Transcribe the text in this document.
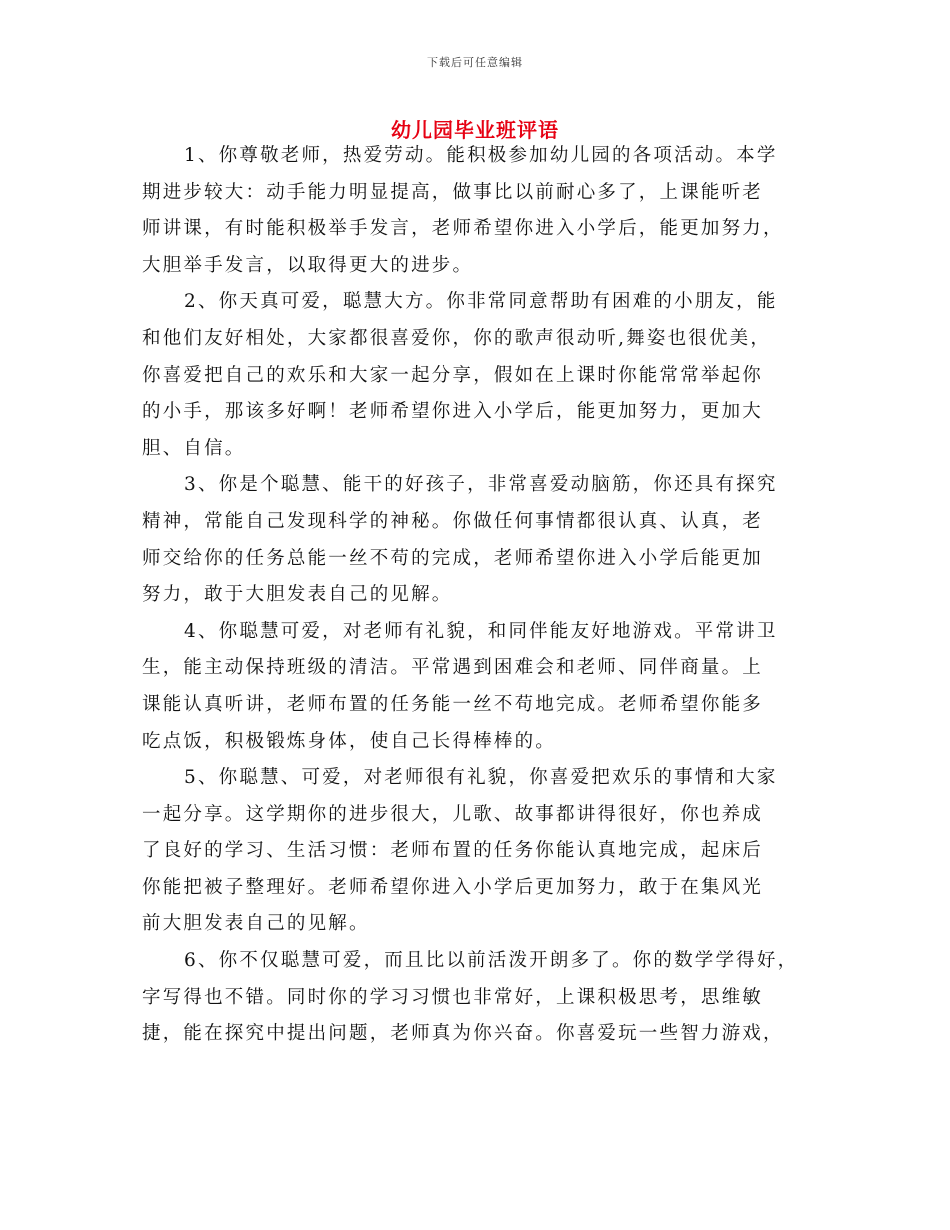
下载后可任意编辑
幼儿园毕业班评语
1、你尊敬老师，热爱劳动。能积极参加幼儿园的各项活动。本学
期进步较大：动手能力明显提高，做事比以前耐心多了，上课能听老
师讲课，有时能积极举手发言，老师希望你进入小学后，能更加努力，
大胆举手发言，以取得更大的进步。
2、你天真可爱，聪慧大方。你非常同意帮助有困难的小朋友，能
和他们友好相处，大家都很喜爱你，你的歌声很动听,舞姿也很优美，
你喜爱把自己的欢乐和大家一起分享，假如在上课时你能常常举起你
的小手，那该多好啊！老师希望你进入小学后，能更加努力，更加大
胆、自信。
3、你是个聪慧、能干的好孩子，非常喜爱动脑筋，你还具有探究
精神，常能自己发现科学的神秘。你做任何事情都很认真、认真，老
师交给你的任务总能一丝不苟的完成，老师希望你进入小学后能更加
努力，敢于大胆发表自己的见解。
4、你聪慧可爱，对老师有礼貌，和同伴能友好地游戏。平常讲卫
生，能主动保持班级的清洁。平常遇到困难会和老师、同伴商量。上
课能认真听讲，老师布置的任务能一丝不苟地完成。老师希望你能多
吃点饭，积极锻炼身体，使自己长得棒棒的。
5、你聪慧、可爱，对老师很有礼貌，你喜爱把欢乐的事情和大家
一起分享。这学期你的进步很大，儿歌、故事都讲得很好，你也养成
了良好的学习、生活习惯：老师布置的任务你能认真地完成，起床后
你能把被子整理好。老师希望你进入小学后更加努力，敢于在集风光
前大胆发表自己的见解。
6、你不仅聪慧可爱，而且比以前活泼开朗多了。你的数学学得好，
字写得也不错。同时你的学习习惯也非常好，上课积极思考，思维敏
捷，能在探究中提出问题，老师真为你兴奋。你喜爱玩一些智力游戏，
